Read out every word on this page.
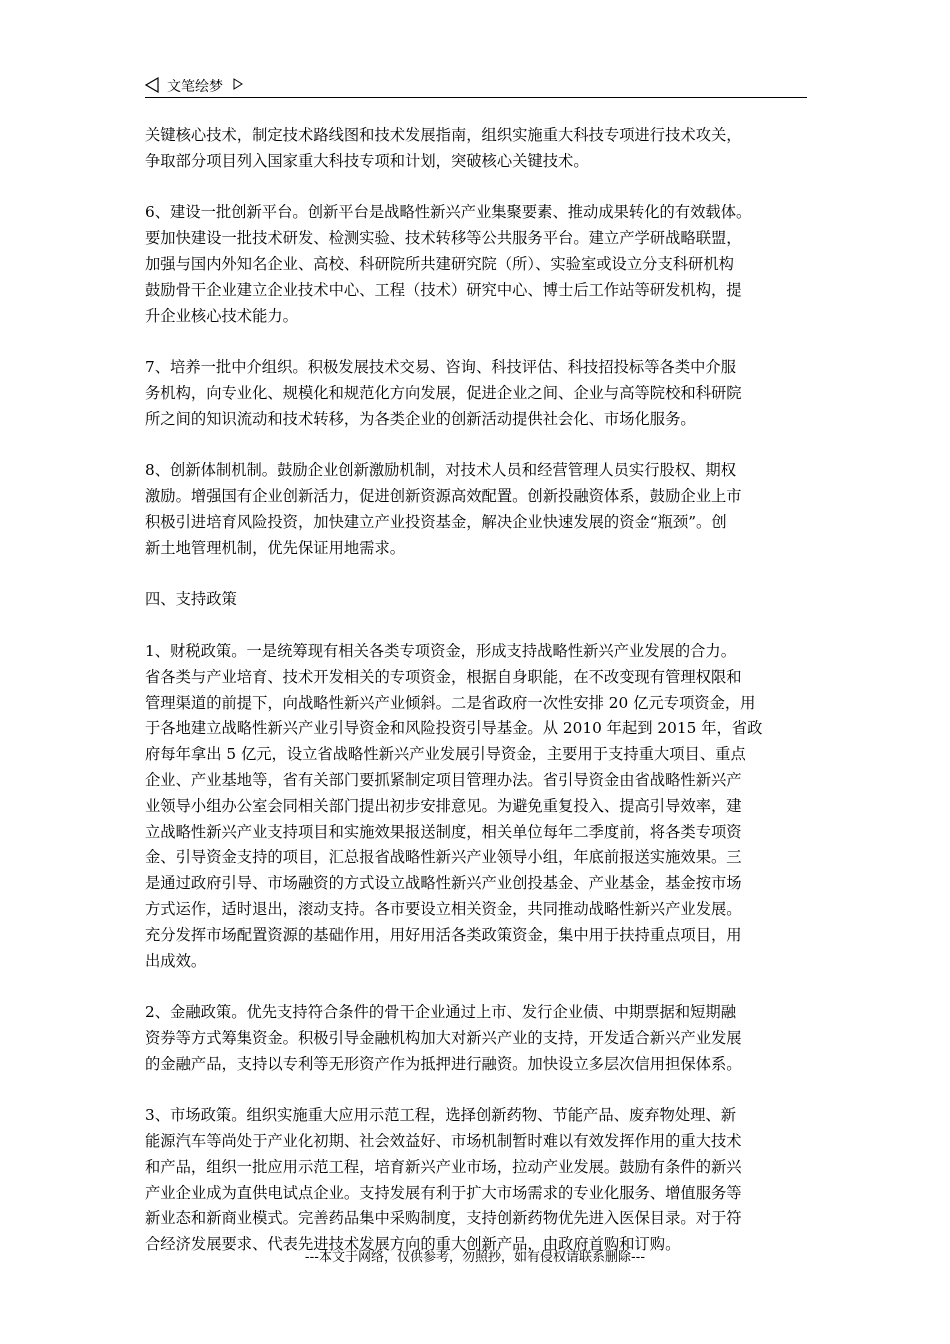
文笔绘梦

关键核心技术，制定技术路线图和技术发展指南，组织实施重大科技专项进行技术攻关，
争取部分项目列入国家重大科技专项和计划，突破核心关键技术。

6、建设一批创新平台。创新平台是战略性新兴产业集聚要素、推动成果转化的有效载体。
要加快建设一批技术研发、检测实验、技术转移等公共服务平台。建立产学研战略联盟，
加强与国内外知名企业、高校、科研院所共建研究院（所）、实验室或设立分支科研机构
鼓励骨干企业建立企业技术中心、工程（技术）研究中心、博士后工作站等研发机构，提
升企业核心技术能力。

7、培养一批中介组织。积极发展技术交易、咨询、科技评估、科技招投标等各类中介服
务机构，向专业化、规模化和规范化方向发展，促进企业之间、企业与高等院校和科研院
所之间的知识流动和技术转移，为各类企业的创新活动提供社会化、市场化服务。

8、创新体制机制。鼓励企业创新激励机制，对技术人员和经营管理人员实行股权、期权
激励。增强国有企业创新活力，促进创新资源高效配置。创新投融资体系，鼓励企业上市
积极引进培育风险投资，加快建立产业投资基金，解决企业快速发展的资金“瓶颈”。创
新土地管理机制，优先保证用地需求。

四、支持政策

1、财税政策。一是统筹现有相关各类专项资金，形成支持战略性新兴产业发展的合力。
省各类与产业培育、技术开发相关的专项资金，根据自身职能，在不改变现有管理权限和
管理渠道的前提下，向战略性新兴产业倾斜。二是省政府一次性安排 20 亿元专项资金，用
于各地建立战略性新兴产业引导资金和风险投资引导基金。从 2010 年起到 2015 年，省政
府每年拿出 5 亿元，设立省战略性新兴产业发展引导资金，主要用于支持重大项目、重点
企业、产业基地等，省有关部门要抓紧制定项目管理办法。省引导资金由省战略性新兴产
业领导小组办公室会同相关部门提出初步安排意见。为避免重复投入、提高引导效率，建
立战略性新兴产业支持项目和实施效果报送制度，相关单位每年二季度前，将各类专项资
金、引导资金支持的项目，汇总报省战略性新兴产业领导小组，年底前报送实施效果。三
是通过政府引导、市场融资的方式设立战略性新兴产业创投基金、产业基金，基金按市场
方式运作，适时退出，滚动支持。各市要设立相关资金，共同推动战略性新兴产业发展。
充分发挥市场配置资源的基础作用，用好用活各类政策资金，集中用于扶持重点项目，用
出成效。

2、金融政策。优先支持符合条件的骨干企业通过上市、发行企业债、中期票据和短期融
资券等方式筹集资金。积极引导金融机构加大对新兴产业的支持，开发适合新兴产业发展
的金融产品，支持以专利等无形资产作为抵押进行融资。加快设立多层次信用担保体系。

3、市场政策。组织实施重大应用示范工程，选择创新药物、节能产品、废弃物处理、新
能源汽车等尚处于产业化初期、社会效益好、市场机制暂时难以有效发挥作用的重大技术
和产品，组织一批应用示范工程，培育新兴产业市场，拉动产业发展。鼓励有条件的新兴
产业企业成为直供电试点企业。支持发展有利于扩大市场需求的专业化服务、增值服务等
新业态和新商业模式。完善药品集中采购制度，支持创新药物优先进入医保目录。对于符
合经济发展要求、代表先进技术发展方向的重大创新产品，由政府首购和订购。

---本文于网络，仅供参考，勿照抄，如有侵权请联系删除---
